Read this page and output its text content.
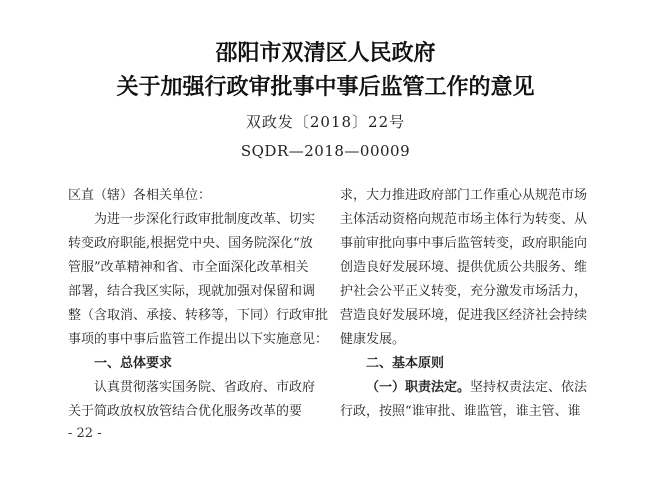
邵阳市双清区人民政府
关于加强行政审批事中事后监管工作的意见
双政发〔2018〕22号
SQDR—2018—00009
区直（辖）各相关单位：
为进一步深化行政审批制度改革、切实
转变政府职能,根据党中央、国务院深化“放
管服”改革精神和省、市全面深化改革相关
部署，结合我区实际，现就加强对保留和调
整（含取消、承接、转移等，下同）行政审批
事项的事中事后监管工作提出以下实施意见：
一、总体要求
认真贯彻落实国务院、省政府、市政府
关于简政放权放管结合优化服务改革的要
求，大力推进政府部门工作重心从规范市场
主体活动资格向规范市场主体行为转变、从
事前审批向事中事后监管转变，政府职能向
创造良好发展环境、提供优质公共服务、维
护社会公平正义转变，充分激发市场活力，
营造良好发展环境，促进我区经济社会持续
健康发展。
二、基本原则
（一）职责法定。坚持权责法定、依法
行政，按照“谁审批、谁监管，谁主管、谁
- 22 -
